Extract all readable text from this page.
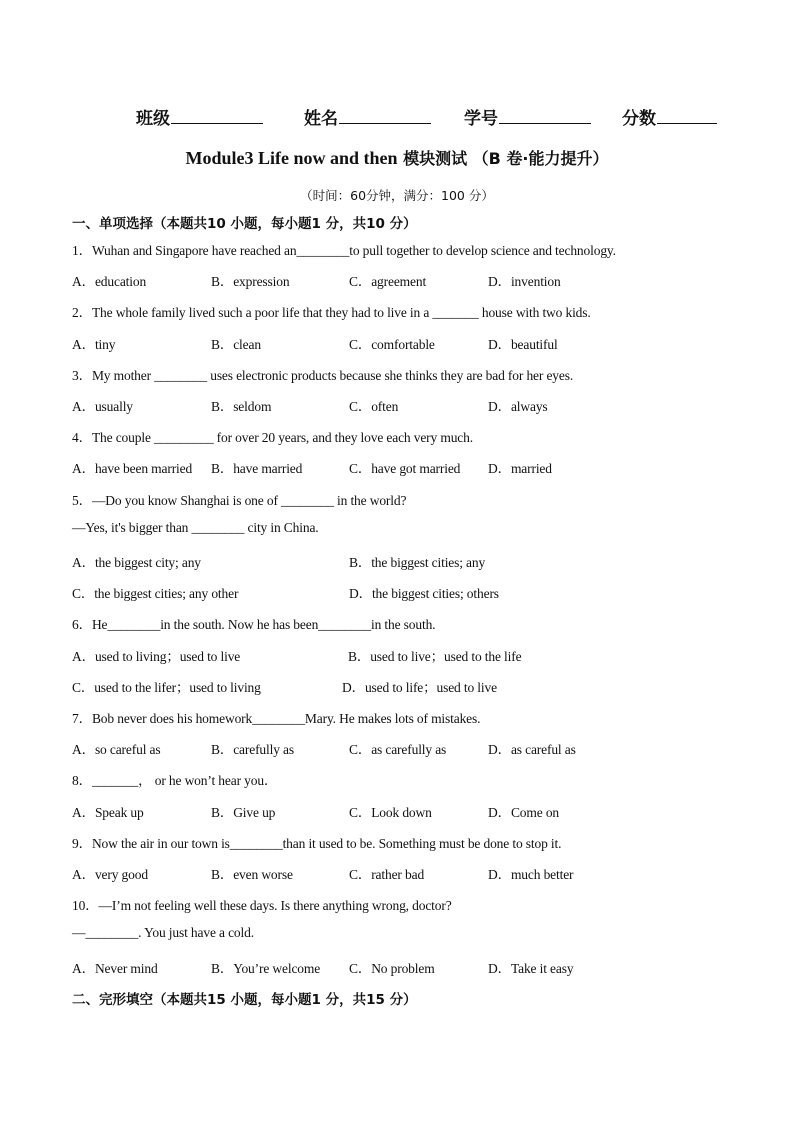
班级	姓名	学号	分数
Module3 Life now and then 模块测试 （B 卷·能力提升）
（时间：60分钟，满分：100 分）
一、单项选择（本题共10 小题，每小题1 分，共10 分）
1．Wuhan and Singapore have reached an________to pull together to develop science and technology.
A．education	B．expression	C．agreement	D．invention
2．The whole family lived such a poor life that they had to live in a _______ house with two kids.
A．tiny	B．clean	C．comfortable	D．beautiful
3．My mother ________ uses electronic products because she thinks they are bad for her eyes.
A．usually	B．seldom	C．often	D．always
4．The couple _________ for over 20 years, and they love each very much.
A．have been married B．have married	C．have got married D．married
5．—Do you know Shanghai is one of ________ in the world?
—Yes, it's bigger than ________ city in China.
A．the biggest city; any	B．the biggest cities; any
C．the biggest cities; any other	D．the biggest cities; others
6．He________in the south. Now he has been________in the south.
A．used to living；used to live	B．used to live；used to the life
C．used to the lifer；used to living	D．used to life；used to live
7．Bob never does his homework________Mary. He makes lots of mistakes.
A．so careful as	B．carefully as	C．as carefully as	D．as careful as
8．_______， or he won’t hear you．
A．Speak up	B．Give up	C．Look down	D．Come on
9．Now the air in our town is________than it used to be. Something must be done to stop it.
A．very good	B．even worse	C．rather bad	D．much better
10．—I’m not feeling well these days. Is there anything wrong, doctor?
—________. You just have a cold.
A．Never mind	B．You’re welcome C．No problem	D．Take it easy
二、完形填空（本题共15 小题，每小题1 分，共15 分）
